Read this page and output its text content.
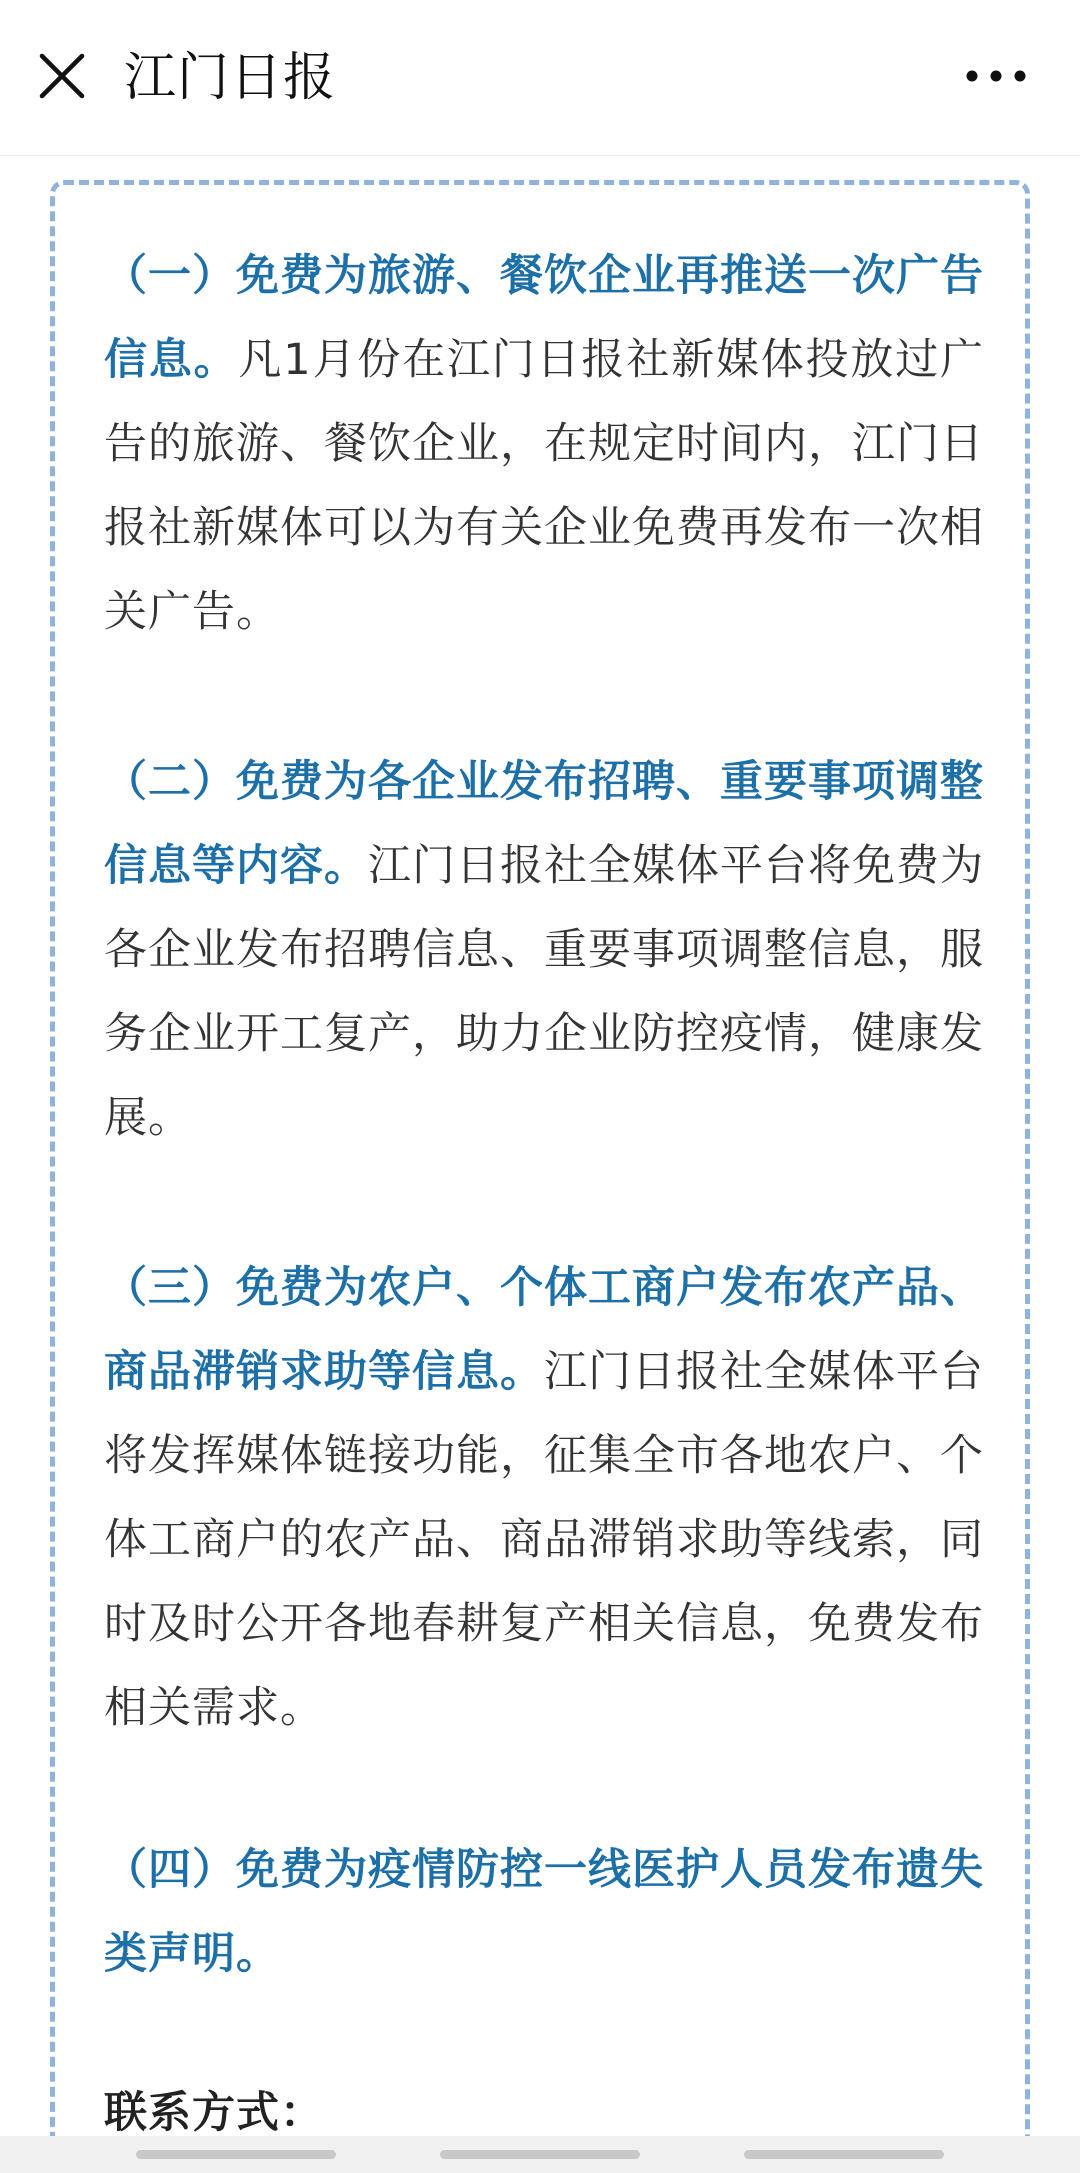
江门日报

（一）免费为旅游、餐饮企业再推送一次广告信息。凡1月份在江门日报社新媒体投放过广告的旅游、餐饮企业，在规定时间内，江门日报社新媒体可以为有关企业免费再发布一次相关广告。

（二）免费为各企业发布招聘、重要事项调整信息等内容。江门日报社全媒体平台将免费为各企业发布招聘信息、重要事项调整信息，服务企业开工复产，助力企业防控疫情，健康发展。

（三）免费为农户、个体工商户发布农产品、商品滞销求助等信息。江门日报社全媒体平台将发挥媒体链接功能，征集全市各地农户、个体工商户的农产品、商品滞销求助等线索，同时及时公开各地春耕复产相关信息，免费发布相关需求。

（四）免费为疫情防控一线医护人员发布遗失类声明。

联系方式：
